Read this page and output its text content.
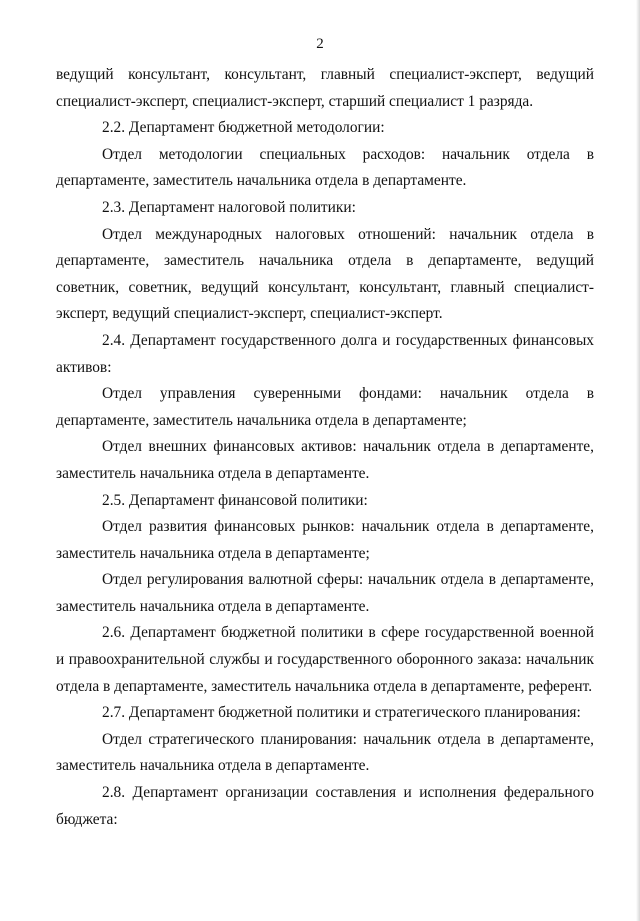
2

ведущий консультант, консультант, главный специалист-эксперт, ведущий специалист-эксперт, специалист-эксперт, старший специалист 1 разряда.

2.2. Департамент бюджетной методологии:

Отдел методологии специальных расходов: начальник отдела в департаменте, заместитель начальника отдела в департаменте.

2.3. Департамент налоговой политики:

Отдел международных налоговых отношений: начальник отдела в департаменте, заместитель начальника отдела в департаменте, ведущий советник, советник, ведущий консультант, консультант, главный специалист-эксперт, ведущий специалист-эксперт, специалист-эксперт.

2.4. Департамент государственного долга и государственных финансовых активов:

Отдел управления суверенными фондами: начальник отдела в департаменте, заместитель начальника отдела в департаменте;

Отдел внешних финансовых активов: начальник отдела в департаменте, заместитель начальника отдела в департаменте.

2.5. Департамент финансовой политики:

Отдел развития финансовых рынков: начальник отдела в департаменте, заместитель начальника отдела в департаменте;

Отдел регулирования валютной сферы: начальник отдела в департаменте, заместитель начальника отдела в департаменте.

2.6. Департамент бюджетной политики в сфере государственной военной и правоохранительной службы и государственного оборонного заказа: начальник отдела в департаменте, заместитель начальника отдела в департаменте, референт.

2.7. Департамент бюджетной политики и стратегического планирования:

Отдел стратегического планирования: начальник отдела в департаменте, заместитель начальника отдела в департаменте.

2.8. Департамент организации составления и исполнения федерального бюджета:
